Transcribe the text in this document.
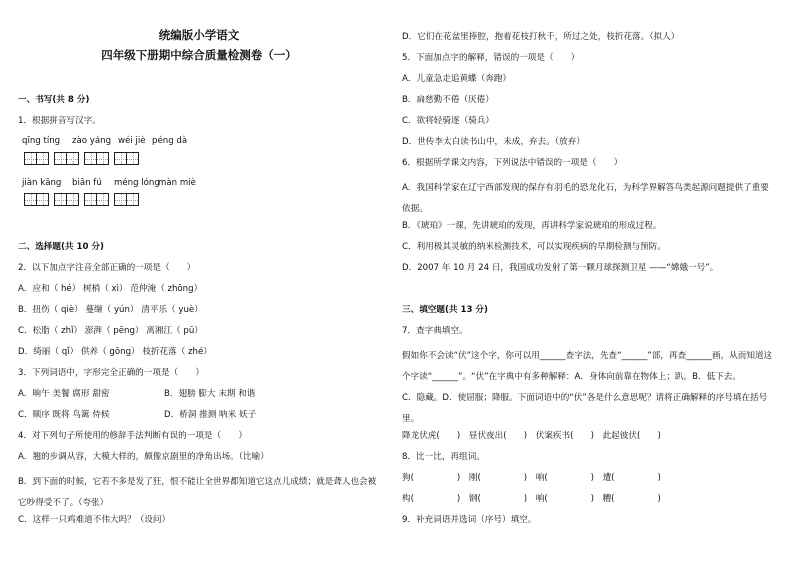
统编版小学语文
四年级下册期中综合质量检测卷（一）
一、书写(共 8 分)
1．根据拼音写汉字。
qīng tíng zào yáng wéi jiè péng dà
jiàn kāng biān fú méng lóng
màn miè
二、选择题(共 10 分)
2．以下加点字注音全部正确的一项是（　　）
A．应和（ hé） 树梢（ xì） 范仲淹（ zhōng）
B．扭伤（ qiè） 蔓缬（ yún） 清平乐（ yuè）
C．松脂（ zhǐ） 澎湃（ pēng） 离湘江（ pū）
D．绮丽（ qǐ） 供养（ gōng） 枝折花落（ zhé）
3．下列词语中，字形完全正确的一项是（　　）
A．晌午 美餐 腐形 甜密	B．翅膀 膨大 末期 和谐
C．顺序 既将 鸟篱 侍候	D．桥洞 推测 呐米 妖子
4．对下列句子所使用的修辞手法判断有误的一项是（　　）
A．翘的步调从容，大模大样的，颇像京剧里的净角出场。（比喻）
B．到下面的时候，它若不多是发了狂，恨不能让全世界都知道它这点儿成绩；就是聋人也会被它吵得受不了。（夸张）
C．这样一只鸡难道不伟大吗？（设问）
D．它们在花盆里捧腔，抱着花枝打秋千，所过之处，枝折花落。（拟人）
5．下面加点字的解释，错误的一项是（　　）
A．儿童急走追黄蝶（奔跑）
B．扁慈勤不倦（厌倦）
C．欲将轻骑逐（骑兵）
D．世传李太白读书山中，未成，弃去。（放弃）
6．根据所学课文内容，下列说法中错误的一项是（　　）
A．我国科学家在辽宁西部发现的保存有羽毛的恐龙化石，为科学界解答鸟类起源问题提供了重要依据。
B．《琥珀》一课，先讲琥珀的发现，再讲科学家说琥珀的形成过程。
C．利用极其灵敏的纳米检测技术，可以实现疾病的早期检测与预防。
D．2007 年 10 月 24 日，我国成功发射了第一颗月球探测卫星 ——“嫦娥一号”。
三、填空题(共 13 分)
7．查字典填空。
假如你不会读“伏”这个字，你可以用______查字法，先查“______”部，再查______画，从而知道这个字读“______”。“伏”在字典中有多种解释：A．身体向前靠在物体上；趴。B．低下去。
C．隐藏。D．使屈服；降服。下面词语中的“伏”各是什么意思呢？请将正确解释的序号填在括号里。
降龙伏虎(　　)　昼伏夜出(　　)　伏案疾书(　　)　此起彼伏(　　)
8．比一比，再组词。
狗(　　　　　)　刚(　　　　　)　响(　　　　　)　遭(　　　　　)
构(　　　　　)　钢(　　　　　)　响(　　　　　)　糟(　　　　　)
9．补充词语并选词（序号）填空。
